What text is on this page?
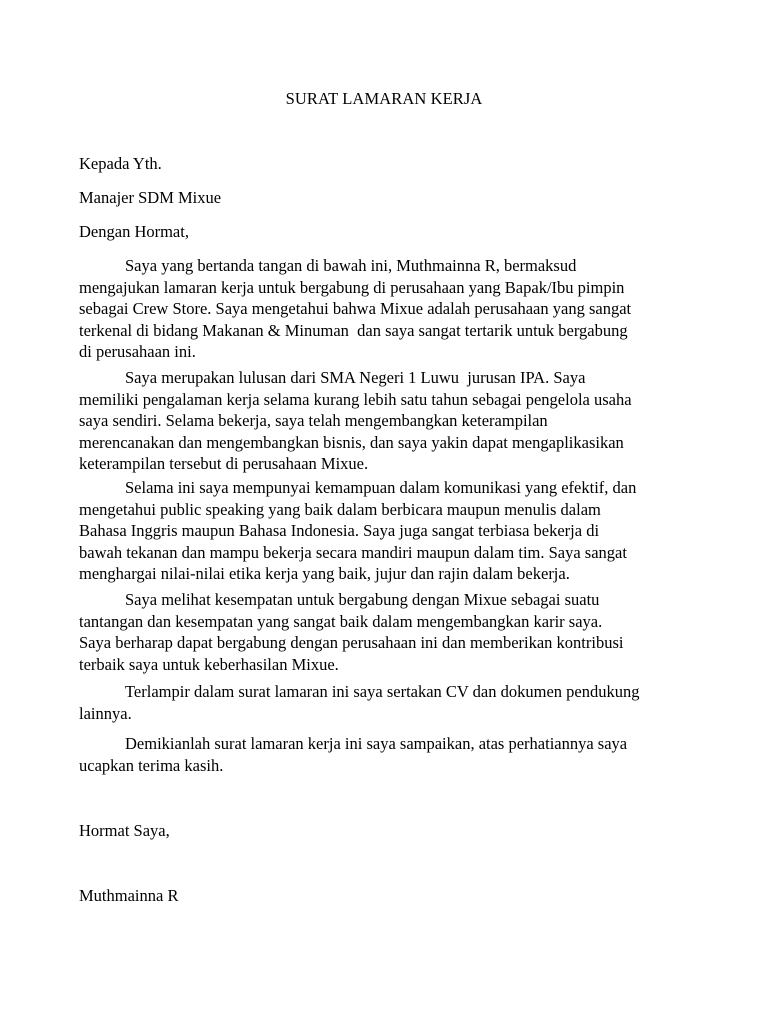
SURAT LAMARAN KERJA
Kepada Yth.
Manajer SDM Mixue
Dengan Hormat,

Saya yang bertanda tangan di bawah ini, Muthmainna R, bermaksud
mengajukan lamaran kerja untuk bergabung di perusahaan yang Bapak/Ibu pimpin
sebagai Crew Store. Saya mengetahui bahwa Mixue adalah perusahaan yang sangat
terkenal di bidang Makanan & Minuman  dan saya sangat tertarik untuk bergabung
di perusahaan ini.

Saya merupakan lulusan dari SMA Negeri 1 Luwu  jurusan IPA. Saya
memiliki pengalaman kerja selama kurang lebih satu tahun sebagai pengelola usaha
saya sendiri. Selama bekerja, saya telah mengembangkan keterampilan
merencanakan dan mengembangkan bisnis, dan saya yakin dapat mengaplikasikan
keterampilan tersebut di perusahaan Mixue.

Selama ini saya mempunyai kemampuan dalam komunikasi yang efektif, dan
mengetahui public speaking yang baik dalam berbicara maupun menulis dalam
Bahasa Inggris maupun Bahasa Indonesia. Saya juga sangat terbiasa bekerja di
bawah tekanan dan mampu bekerja secara mandiri maupun dalam tim. Saya sangat
menghargai nilai-nilai etika kerja yang baik, jujur dan rajin dalam bekerja.

Saya melihat kesempatan untuk bergabung dengan Mixue sebagai suatu
tantangan dan kesempatan yang sangat baik dalam mengembangkan karir saya.
Saya berharap dapat bergabung dengan perusahaan ini dan memberikan kontribusi
terbaik saya untuk keberhasilan Mixue.

Terlampir dalam surat lamaran ini saya sertakan CV dan dokumen pendukung
lainnya.

Demikianlah surat lamaran kerja ini saya sampaikan, atas perhatiannya saya
ucapkan terima kasih.

Hormat Saya,
Muthmainna R
